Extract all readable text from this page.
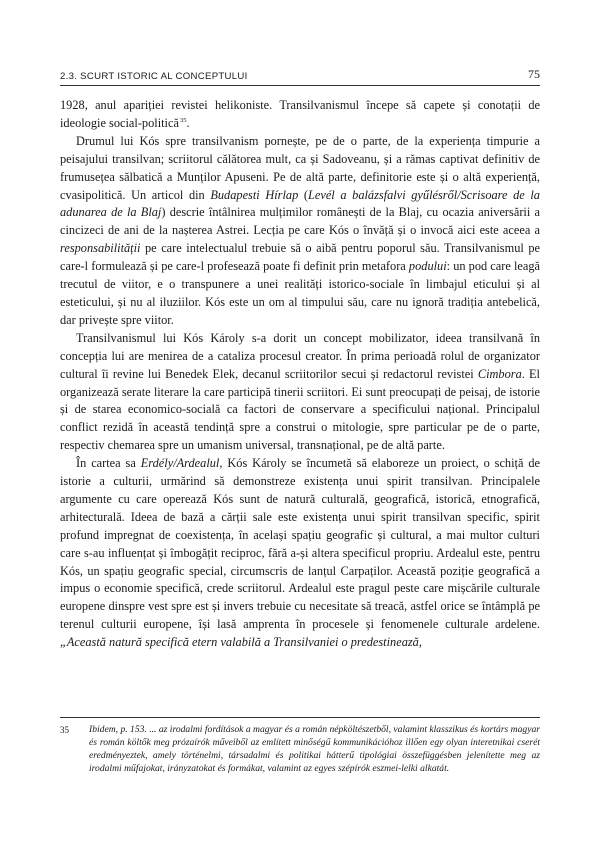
2.3. SCURT ISTORIC AL CONCEPTULUI	75

1928, anul apariției revistei helikoniste. Transilvanismul începe să capete și conotații de ideologie social-politică$^{35}$.

Drumul lui Kós spre transilvanism pornește, pe de o parte, de la experiența timpurie a peisajului transilvan; scriitorul călătorea mult, ca și Sadoveanu, și a rămas captivat definitiv de frumusețea sălbatică a Munților Apuseni. Pe de altă parte, definitorie este și o altă experiență, cvasipolitică. Un articol din Budapesti Hírlap (Levél a balázsfalvi gyűlésről/Scrisoare de la adunarea de la Blaj) descrie întâlnirea mulțimilor românești de la Blaj, cu ocazia aniversării a cincizeci de ani de la nașterea Astrei. Lecția pe care Kós o învăță și o invocă aici este aceea a responsabilității pe care intelectualul trebuie să o aibă pentru poporul său. Transilvanismul pe care-l formulează și pe care-l profesează poate fi definit prin metafora podului: un pod care leagă trecutul de viitor, e o transpunere a unei realități istorico-sociale în limbajul eticului și al esteticului, și nu al iluziilor. Kós este un om al timpului său, care nu ignoră tradiția antebelică, dar privește spre viitor.

Transilvanismul lui Kós Károly s-a dorit un concept mobilizator, ideea transilvană în concepția lui are menirea de a cataliza procesul creator. În prima perioadă rolul de organizator cultural îi revine lui Benedek Elek, decanul scriitorilor secui și redactorul revistei Cimbora. El organizează serate literare la care participă tinerii scriitori. Ei sunt preocupați de peisaj, de istorie și de starea economico-socială ca factori de conservare a specificului național. Principalul conflict rezidă în această tendință spre a construi o mitologie, spre particular pe de o parte, respectiv chemarea spre un umanism universal, transnațional, pe de altă parte.

În cartea sa Erdély/Ardealul, Kós Károly se încumetă să elaboreze un proiect, o schiță de istorie a culturii, urmărind să demonstreze existența unui spirit transilvan. Principalele argumente cu care operează Kós sunt de natură culturală, geografică, istorică, etnografică, arhitecturală. Ideea de bază a cărții sale este existența unui spirit transilvan specific, spirit profund impregnat de coexistența, în același spațiu geografic și cultural, a mai multor culturi care s-au influențat și îmbogățit reciproc, fără a-și altera specificul propriu. Ardealul este, pentru Kós, un spațiu geografic special, circumscris de lanțul Carpaților. Această poziție geografică a impus o economie specifică, crede scriitorul. Ardealul este pragul peste care mișcările culturale europene dinspre vest spre est și invers trebuie cu necesitate să treacă, astfel orice se întâmplă pe terenul culturii europene, își lasă amprenta în procesele și fenomenele culturale ardelene. „Această natură specifică etern valabilă a Transilvaniei o predestinează,

35	Ibidem, p. 153. ... az irodalmi fordítások a magyar és a román népköltészetből, valamint klasszikus és kortárs magyar és román költők meg prózaírók műveiből az említett minőségű kommunikációhoz illően egy olyan interetnikai cserét eredményeztek, amely történelmi, társadalmi és politikai hátterű tipológiai összefüggésben jelenítette meg az irodalmi műfajokat, irányzatokat és formákat, valamint az egyes szépírók eszmei-lelki alkatát.
